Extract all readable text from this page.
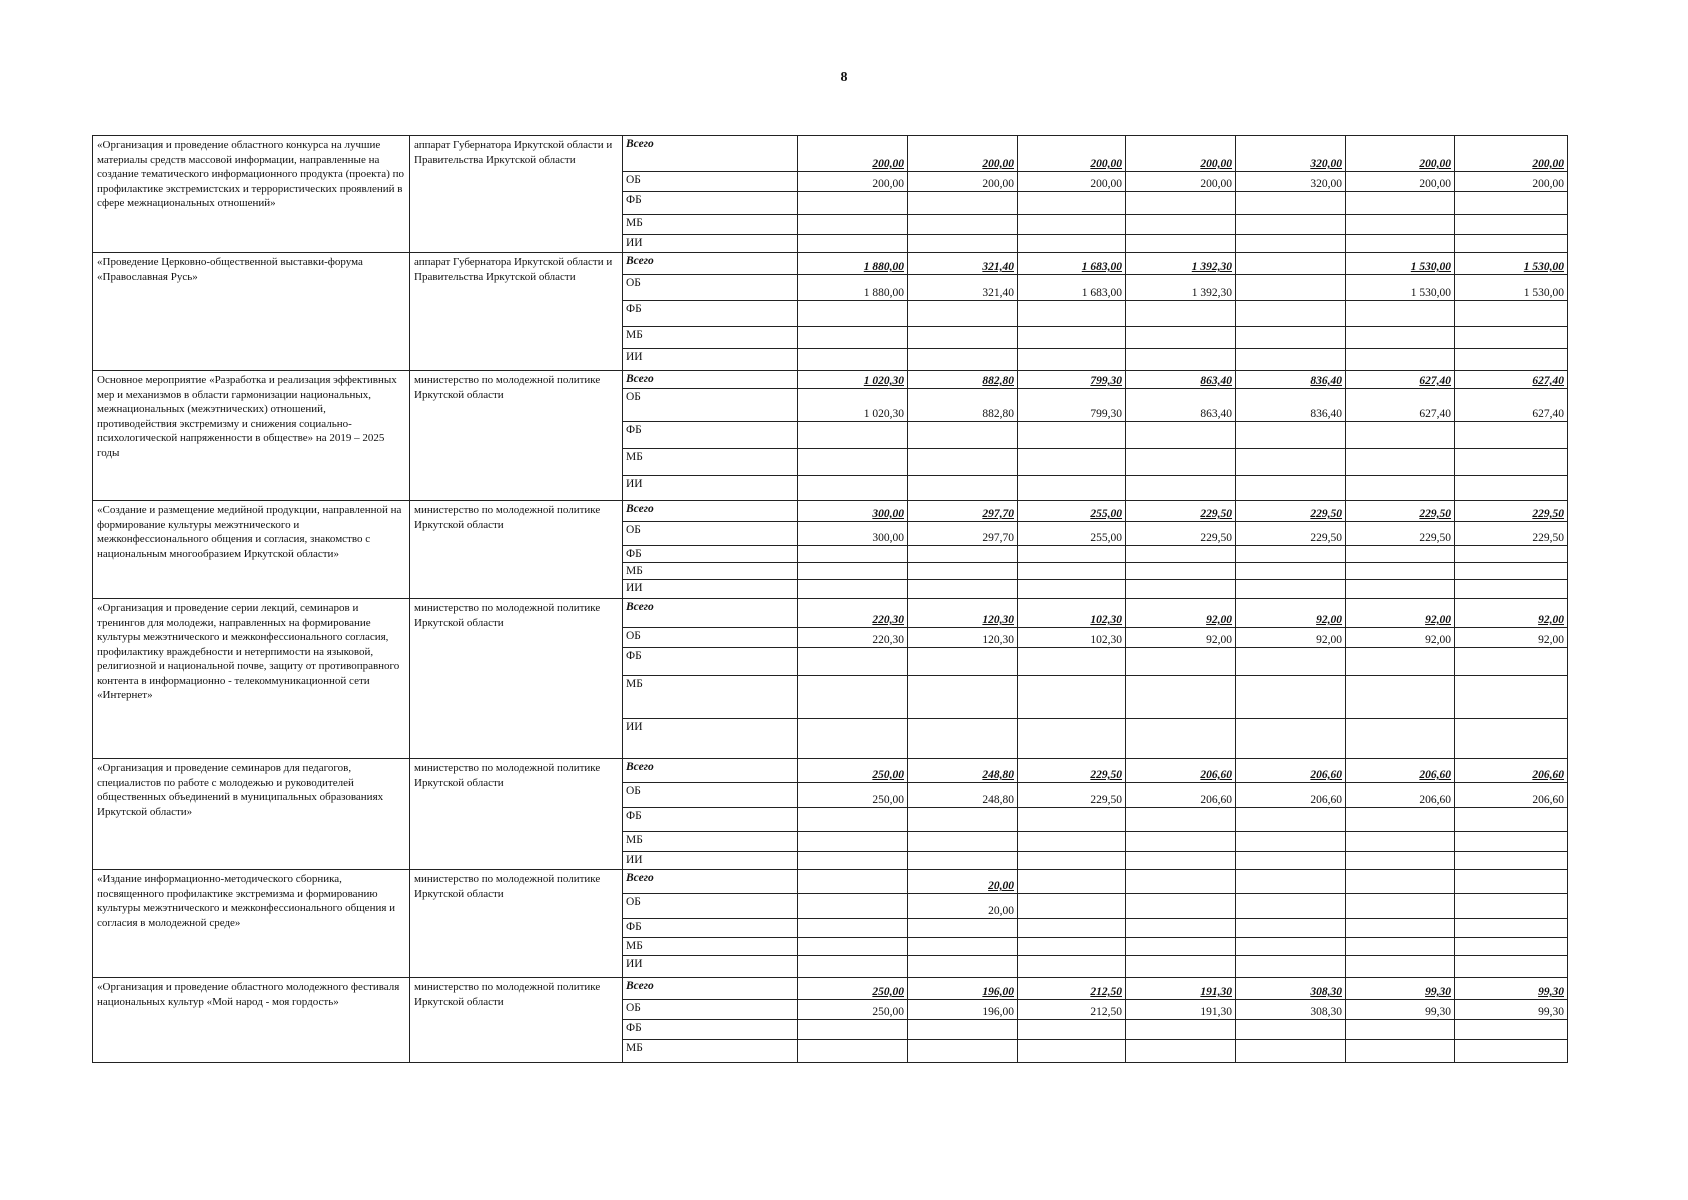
8
«Организация и проведение областного конкурса на лучшие материалы средств массовой информации, направленные на создание тематического информационного продукта (проекта) по профилактике экстремистских и террористических проявлений в сфере межнациональных отношений»	аппарат Губернатора Иркутской области и Правительства Иркутской области	Всего	200,00	200,00	200,00	200,00	320,00	200,00	200,00
		ОБ	200,00	200,00	200,00	200,00	320,00	200,00	200,00
		ФБ							
		МБ							
		ИИ							
«Проведение Церковно-общественной выставки-форума «Православная Русь»	аппарат Губернатора Иркутской области и Правительства Иркутской области	Всего	1 880,00	321,40	1 683,00	1 392,30		1 530,00	1 530,00
		ОБ	1 880,00	321,40	1 683,00	1 392,30		1 530,00	1 530,00
		ФБ							
		МБ							
		ИИ							
Основное мероприятие «Разработка и реализация эффективных мер и механизмов в области гармонизации национальных, межнациональных (межэтнических) отношений, противодействия экстремизму и снижения социально-психологической напряженности в обществе» на 2019 – 2025 годы	министерство по молодежной политике Иркутской области	Всего	1 020,30	882,80	799,30	863,40	836,40	627,40	627,40
		ОБ	1 020,30	882,80	799,30	863,40	836,40	627,40	627,40
		ФБ							
		МБ							
		ИИ							
«Создание и размещение медийной продукции, направленной на формирование культуры межэтнического и межконфессионального общения и согласия, знакомство с национальным многообразием Иркутской области»	министерство по молодежной политике Иркутской области	Всего	300,00	297,70	255,00	229,50	229,50	229,50	229,50
		ОБ	300,00	297,70	255,00	229,50	229,50	229,50	229,50
		ФБ							
		МБ							
		ИИ							
«Организация и проведение серии лекций, семинаров и тренингов для молодежи, направленных на формирование культуры межэтнического и межконфессионального согласия, профилактику враждебности и нетерпимости на языковой, религиозной и национальной почве, защиту от противоправного контента в информационно - телекоммуникационной сети «Интернет»	министерство по молодежной политике Иркутской области	Всего	220,30	120,30	102,30	92,00	92,00	92,00	92,00
		ОБ	220,30	120,30	102,30	92,00	92,00	92,00	92,00
		ФБ							
		МБ							
		ИИ							
«Организация и проведение семинаров для педагогов, специалистов по работе с молодежью и руководителей общественных объединений в муниципальных образованиях Иркутской области»	министерство по молодежной политике Иркутской области	Всего	250,00	248,80	229,50	206,60	206,60	206,60	206,60
		ОБ	250,00	248,80	229,50	206,60	206,60	206,60	206,60
		ФБ							
		МБ							
		ИИ							
«Издание информационно-методического сборника, посвященного профилактике экстремизма и формированию культуры межэтнического и межконфессионального общения и согласия в молодежной среде»	министерство по молодежной политике Иркутской области	Всего		20,00					
		ОБ		20,00					
		ФБ							
		МБ							
		ИИ							
«Организация и проведение областного молодежного фестиваля национальных культур «Мой народ - моя гордость»	министерство по молодежной политике Иркутской области	Всего	250,00	196,00	212,50	191,30	308,30	99,30	99,30
		ОБ	250,00	196,00	212,50	191,30	308,30	99,30	99,30
		ФБ							
		МБ							
